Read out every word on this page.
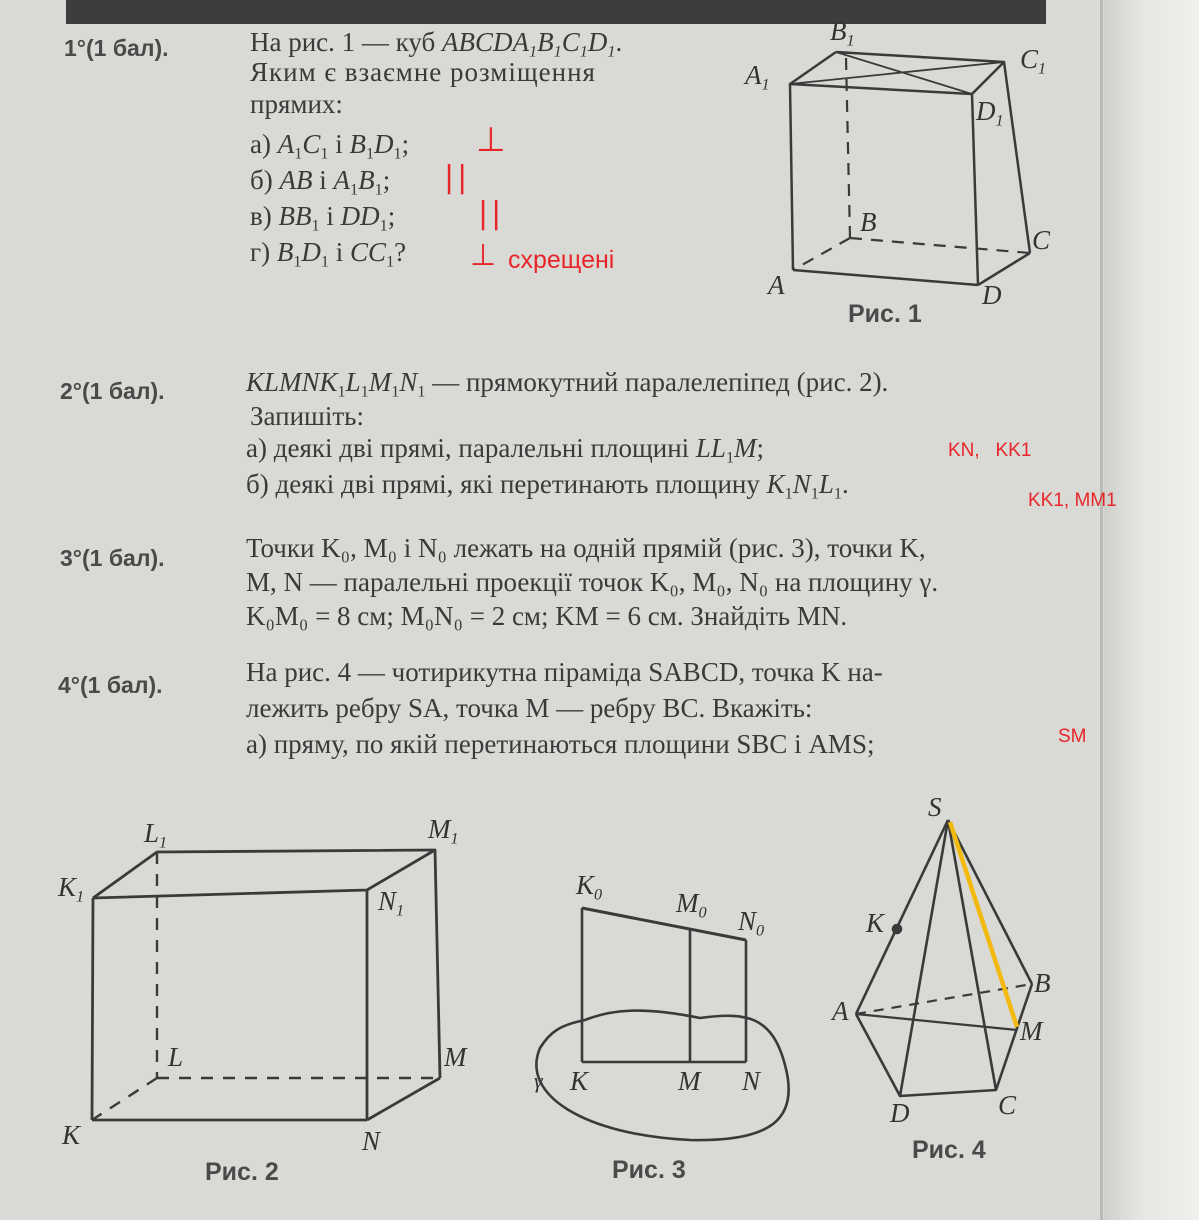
1°(1 бал).	На рис. 1 — куб $ABCDA_1B_1C_1D_1$.
Яким є взаємне розміщення
прямих:
а) $A_1C_1$ і $B_1D_1$;
б) AB і $A_1B_1$;
в) $BB_1$ і $DD_1$;
г) $B_1D_1$ і $CC_1$?
⊥
||
||
⊥ схрещені
$B_1$
$C_1$
$A_1$
$D_1$
B
C
A	D
Рис. 1
2°(1 бал).	$KLMNK_1L_1M_1N_1$ — прямокутний паралелепіпед (рис. 2).
Запишіть:
а) деякі дві прямі, паралельні площині $LL_1M$;
б) деякі дві прямі, які перетинають площину $K_1N_1L_1$.
KN,   KK1
KK1, MM1
3°(1 бал).	Точки K₀, M₀ і N₀ лежать на одній прямій (рис. 3), точки K,
M, N — паралельні проекції точок K₀, M₀, N₀ на площину γ.
K₀M₀ = 8 см; M₀N₀ = 2 см; KM = 6 см. Знайдіть MN.
4°(1 бал).	На рис. 4 — чотирикутна піраміда SABCD, точка K на-
лежить ребру SA, точка M — ребру BC. Вкажіть:
а) пряму, по якій перетинаються площини SBC і AMS;	SM
$L_1$	$M_1$
$K_1$	$N_1$
L	M
K	N
Рис. 2
$K_0$	$M_0$ $N_0$
γ K	M N
Рис. 3
S
K
B
A
M
D	C
Рис. 4
